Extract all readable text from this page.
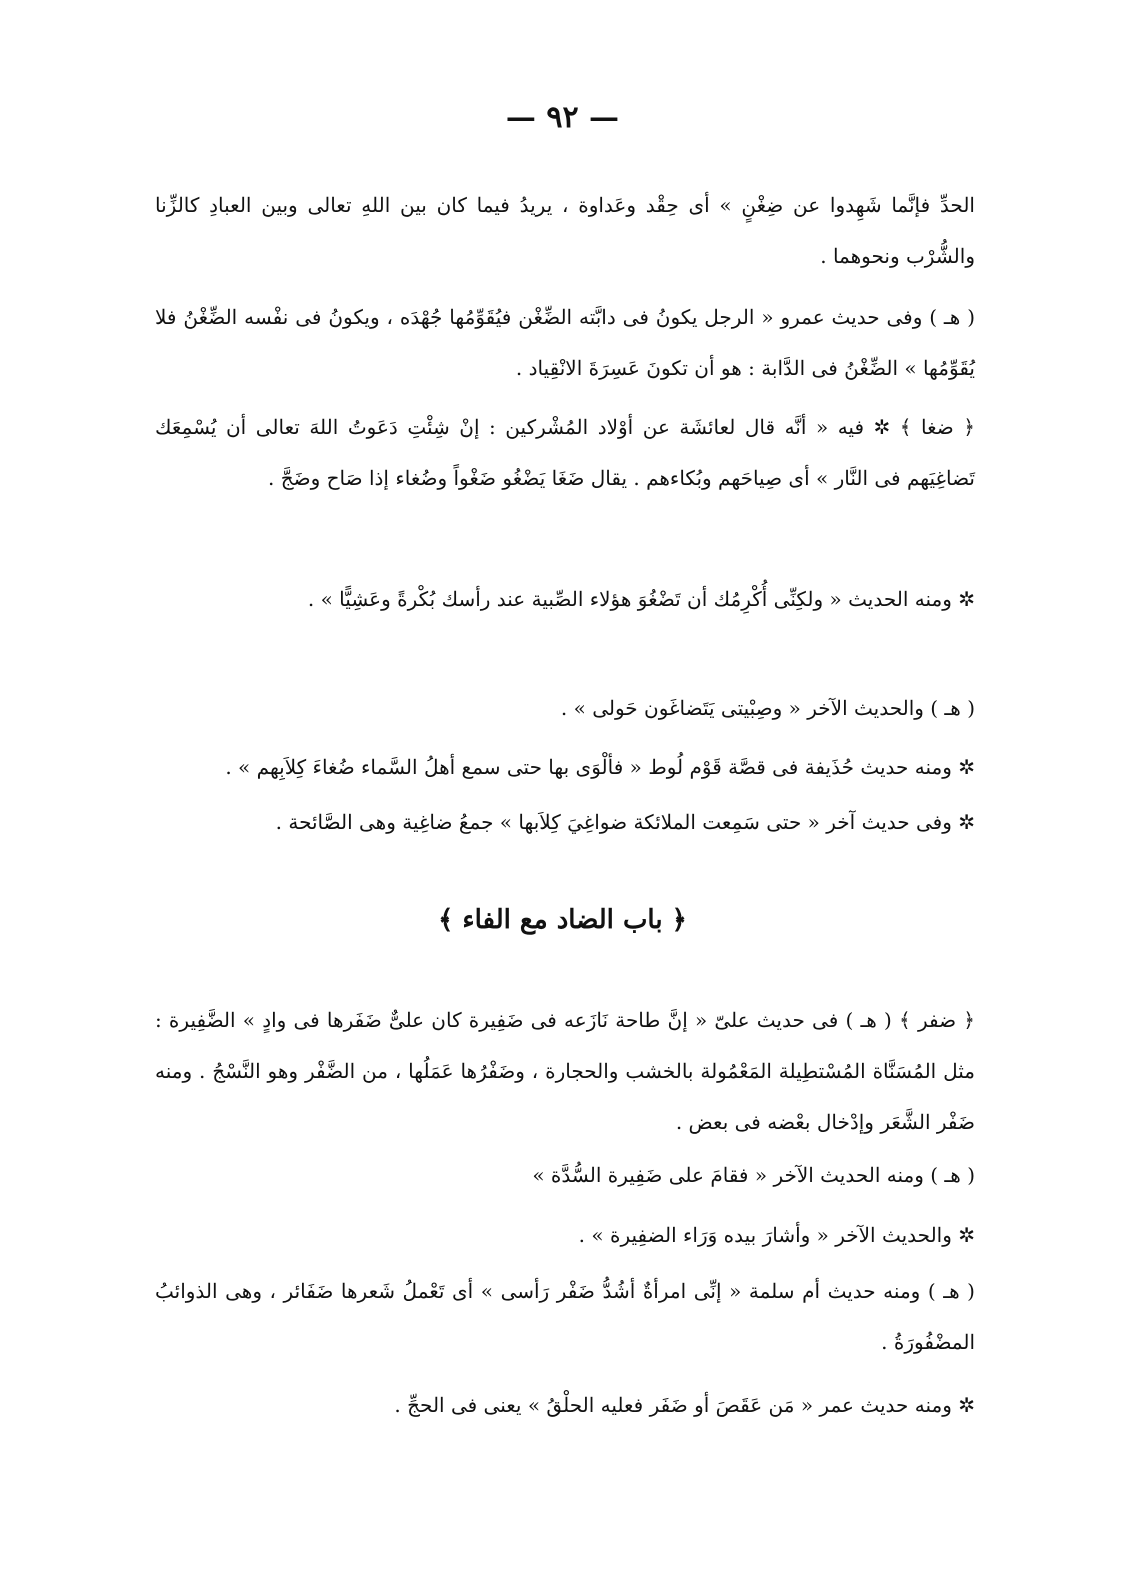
— ٩٢ —

الحدِّ فإنَّما شَهِدوا عن ضِغْنٍ » أى حِقْد وعَداوة ، يريدُ فيما كان بين اللهِ تعالى وبين العبادِ كالزِّنا والشُّرْب ونحوهما .

( هـ ) وفى حديث عمرو « الرجل يكونُ فى دابَّته الضِّغْن فيُقَوِّمُها جُهْدَه ، ويكونُ فى نفْسه الضِّغْنُ فلا يُقَوِّمُها » الضِّغْنُ فى الدَّابة : هو أن تكونَ عَسِرَةَ الانْقِياد .

﴿ ضغا ﴾ ✲ فيه « أنَّه قال لعائشَة عن أوْلاد المُشْركين : إنْ شِئْتِ دَعَوتُ اللهَ تعالى أن يُسْمِعَك تَضاغِيَهم فى النَّار » أى صِياحَهم وبُكاءهم . يقال ضَغَا يَضْغُو ضَغْواً وضُغاء إذا صَاح وضَجَّ .

✲ ومنه الحديث « ولكِنِّى أُكْرِمُك أن تَضْغُوَ هؤلاء الصِّبية عند رأسك بُكْرةً وعَشِيًّا » .

( هـ ) والحديث الآخر « وصِبْيتى يَتَضاغَون حَولى » .

✲ ومنه حديث حُذَيفة فى قصَّة قَوْم لُوط « فألْوَى بها حتى سمع أهلُ السَّماء ضُغاءَ كِلاَبِهم » .

✲ وفى حديث آخر « حتى سَمِعت الملائكة ضواغِيَ كِلاَبها » جمعُ ضاغِية وهى الصَّائحة .

﴿ باب الضاد مع الفاء ﴾

﴿ ضفر ﴾ ( هـ ) فى حديث علىّ « إنَّ طاحة نَازَعه فى ضَفِيرة كان علىٌّ ضَفَرها فى وادٍ » الضَّفِيرة : مثل المُسَنَّاة المُسْتطِيلة المَعْمُولة بالخشب والحجارة ، وضَفْرُها عَمَلُها ، من الضَّفْر وهو النَّسْجُ . ومنه ضَفْر الشَّعَر وإدْخال بعْضه فى بعض .

( هـ ) ومنه الحديث الآخر « فقامَ على ضَفِيرة السُّدَّة »

✲ والحديث الآخر « وأشارَ بيده وَرَاء الضفِيرة » .

( هـ ) ومنه حديث أم سلمة « إنِّى امرأةٌ أشُدُّ ضَفْر رَأسى » أى تَعْملُ شَعرها ضَفَائر ، وهى الذوائبُ المضْفُورَةُ .

✲ ومنه حديث عمر « مَن عَقَصَ أو ضَفَر فعليه الحلْقُ » يعنى فى الحجِّ .
